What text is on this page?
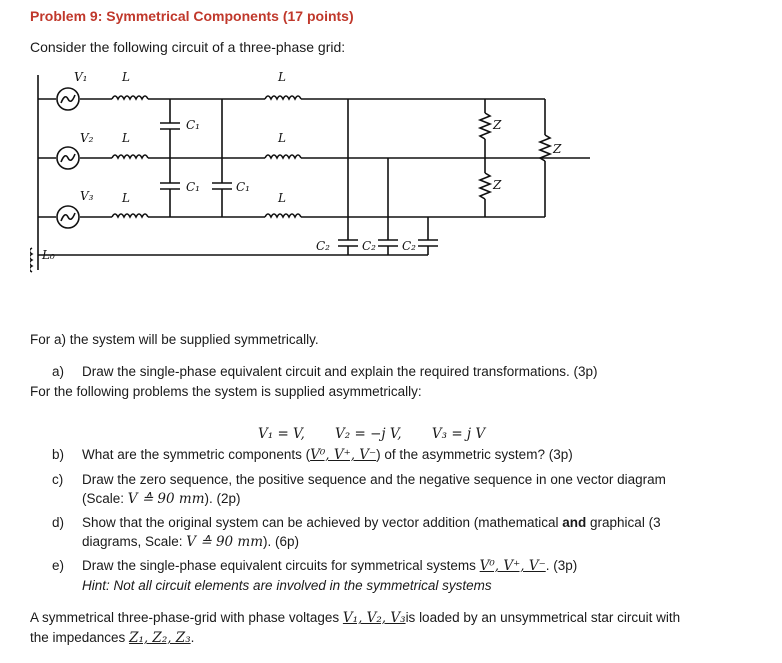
Problem 9: Symmetrical Components (17 points)
Consider the following circuit of a three-phase grid:
V₁	L	L
V₂ L	L
V₃ L	L
L₀
C₁
C₁	C₁
C₂	C₂ C₂
Z
Z
Z
For a) the system will be supplied symmetrically.
a) Draw the single-phase equivalent circuit and explain the required transformations. (3p)
For the following problems the system is supplied asymmetrically:
V₁ = V, V₂ = −j V, V₃ = j V
b) What are the symmetric components (V⁰, V⁺, V⁻) of the asymmetric system? (3p)
c) Draw the zero sequence, the positive sequence and the negative sequence in one vector diagram
(Scale: V ≙ 90 mm). (2p)
d) Show that the original system can be achieved by vector addition (mathematical and graphical (3
diagrams, Scale: V ≙ 90 mm). (6p)
e) Draw the single-phase equivalent circuits for symmetrical systems V⁰, V⁺, V⁻. (3p)
Hint: Not all circuit elements are involved in the symmetrical systems
A symmetrical three-phase-grid with phase voltages V₁, V₂, V₃is loaded by an unsymmetrical star circuit with
the impedances Z₁, Z₂, Z₃.
